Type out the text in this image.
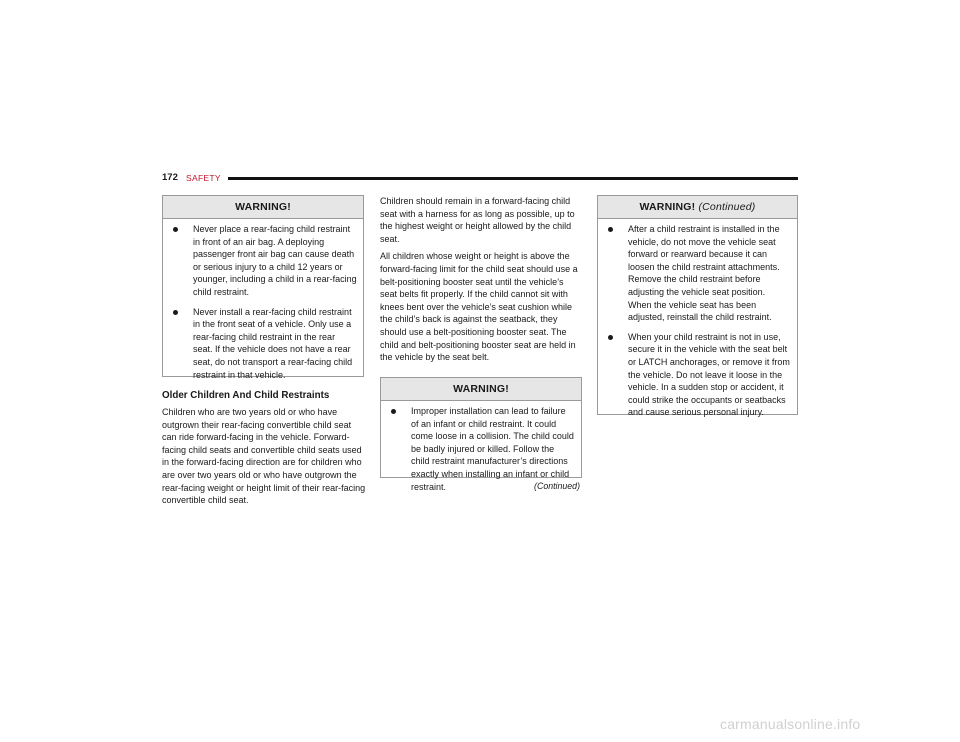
172 SAFETY
WARNING!
Never place a rear-facing child restraint in front of an air bag. A deploying passenger front air bag can cause death or serious injury to a child 12 years or younger, including a child in a rear-facing child restraint.
Never install a rear-facing child restraint in the front seat of a vehicle. Only use a rear-facing child restraint in the rear seat. If the vehicle does not have a rear seat, do not transport a rear-facing child restraint in that vehicle.
Older Children And Child Restraints

Children who are two years old or who have outgrown their rear-facing convertible child seat can ride forward-facing in the vehicle. Forward-facing child seats and convertible child seats used in the forward-facing direction are for children who are over two years old or who have outgrown the rear-facing weight or height limit of their rear-facing convertible child seat.

Children should remain in a forward-facing child seat with a harness for as long as possible, up to the highest weight or height allowed by the child seat.

All children whose weight or height is above the forward-facing limit for the child seat should use a belt-positioning booster seat until the vehicle’s seat belts fit properly. If the child cannot sit with knees bent over the vehicle’s seat cushion while the child’s back is against the seatback, they should use a belt-positioning booster seat. The child and belt-positioning booster seat are held in the vehicle by the seat belt.

WARNING!
Improper installation can lead to failure of an infant or child restraint. It could come loose in a collision. The child could be badly injured or killed. Follow the child restraint manufacturer’s directions exactly when installing an infant or child restraint.	(Continued)
WARNING! (Continued)
After a child restraint is installed in the vehicle, do not move the vehicle seat forward or rearward because it can loosen the child restraint attachments. Remove the child restraint before adjusting the vehicle seat position. When the vehicle seat has been adjusted, reinstall the child restraint.
When your child restraint is not in use, secure it in the vehicle with the seat belt or LATCH anchorages, or remove it from the vehicle. Do not leave it loose in the vehicle. In a sudden stop or accident, it could strike the occupants or seatbacks and cause serious personal injury.
carmanualsonline.info
